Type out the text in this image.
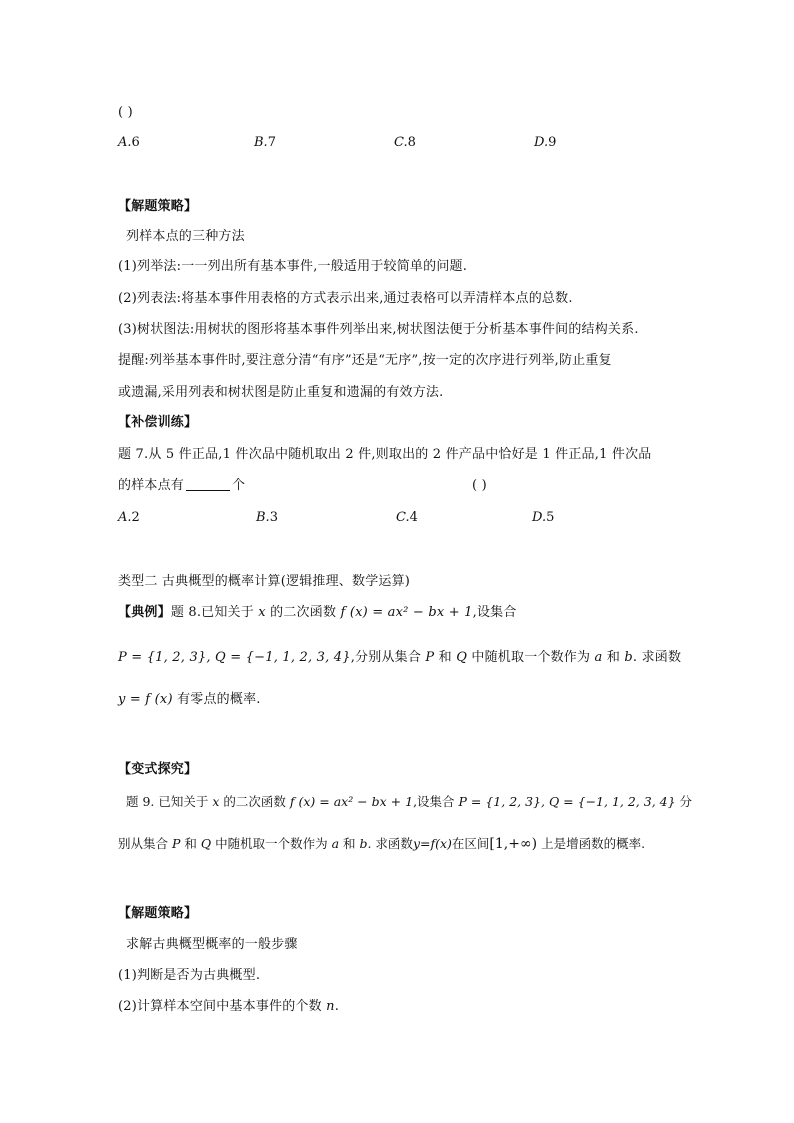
( )
A.6	B.7	C.8	D.9
【解题策略】
列样本点的三种方法
(1)列举法:一一列出所有基本事件,一般适用于较简单的问题.
(2)列表法:将基本事件用表格的方式表示出来,通过表格可以弄清样本点的总数.
(3)树状图法:用树状的图形将基本事件列举出来,树状图法便于分析基本事件间的结构关系.
提醒:列举基本事件时,要注意分清“有序”还是“无序”,按一定的次序进行列举,防止重复
或遗漏,采用列表和树状图是防止重复和遗漏的有效方法.
【补偿训练】
题 7.从 5 件正品,1 件次品中随机取出 2 件,则取出的 2 件产品中恰好是 1 件正品,1 件次品
的样本点有	个	( )
A.2	B.3	C.4	D.5
类型二 古典概型的概率计算(逻辑推理、数学运算)
【典例】题 8.已知关于 x 的二次函数 f (x) = ax² − bx + 1,设集合
P = {1, 2, 3}, Q = {−1, 1, 2, 3, 4},分别从集合 P 和 Q 中随机取一个数作为 a 和 b. 求函数
y = f (x) 有零点的概率.
【变式探究】
题 9. 已知关于 x 的二次函数 f (x) = ax² − bx + 1,设集合 P = {1, 2, 3}, Q = {−1, 1, 2, 3, 4} 分
别从集合 P 和 Q 中随机取一个数作为 a 和 b. 求函数y=f(x)在区间[1,+∞) 上是增函数的概率.
【解题策略】
求解古典概型概率的一般步骤
(1)判断是否为古典概型.
(2)计算样本空间中基本事件的个数 n.
